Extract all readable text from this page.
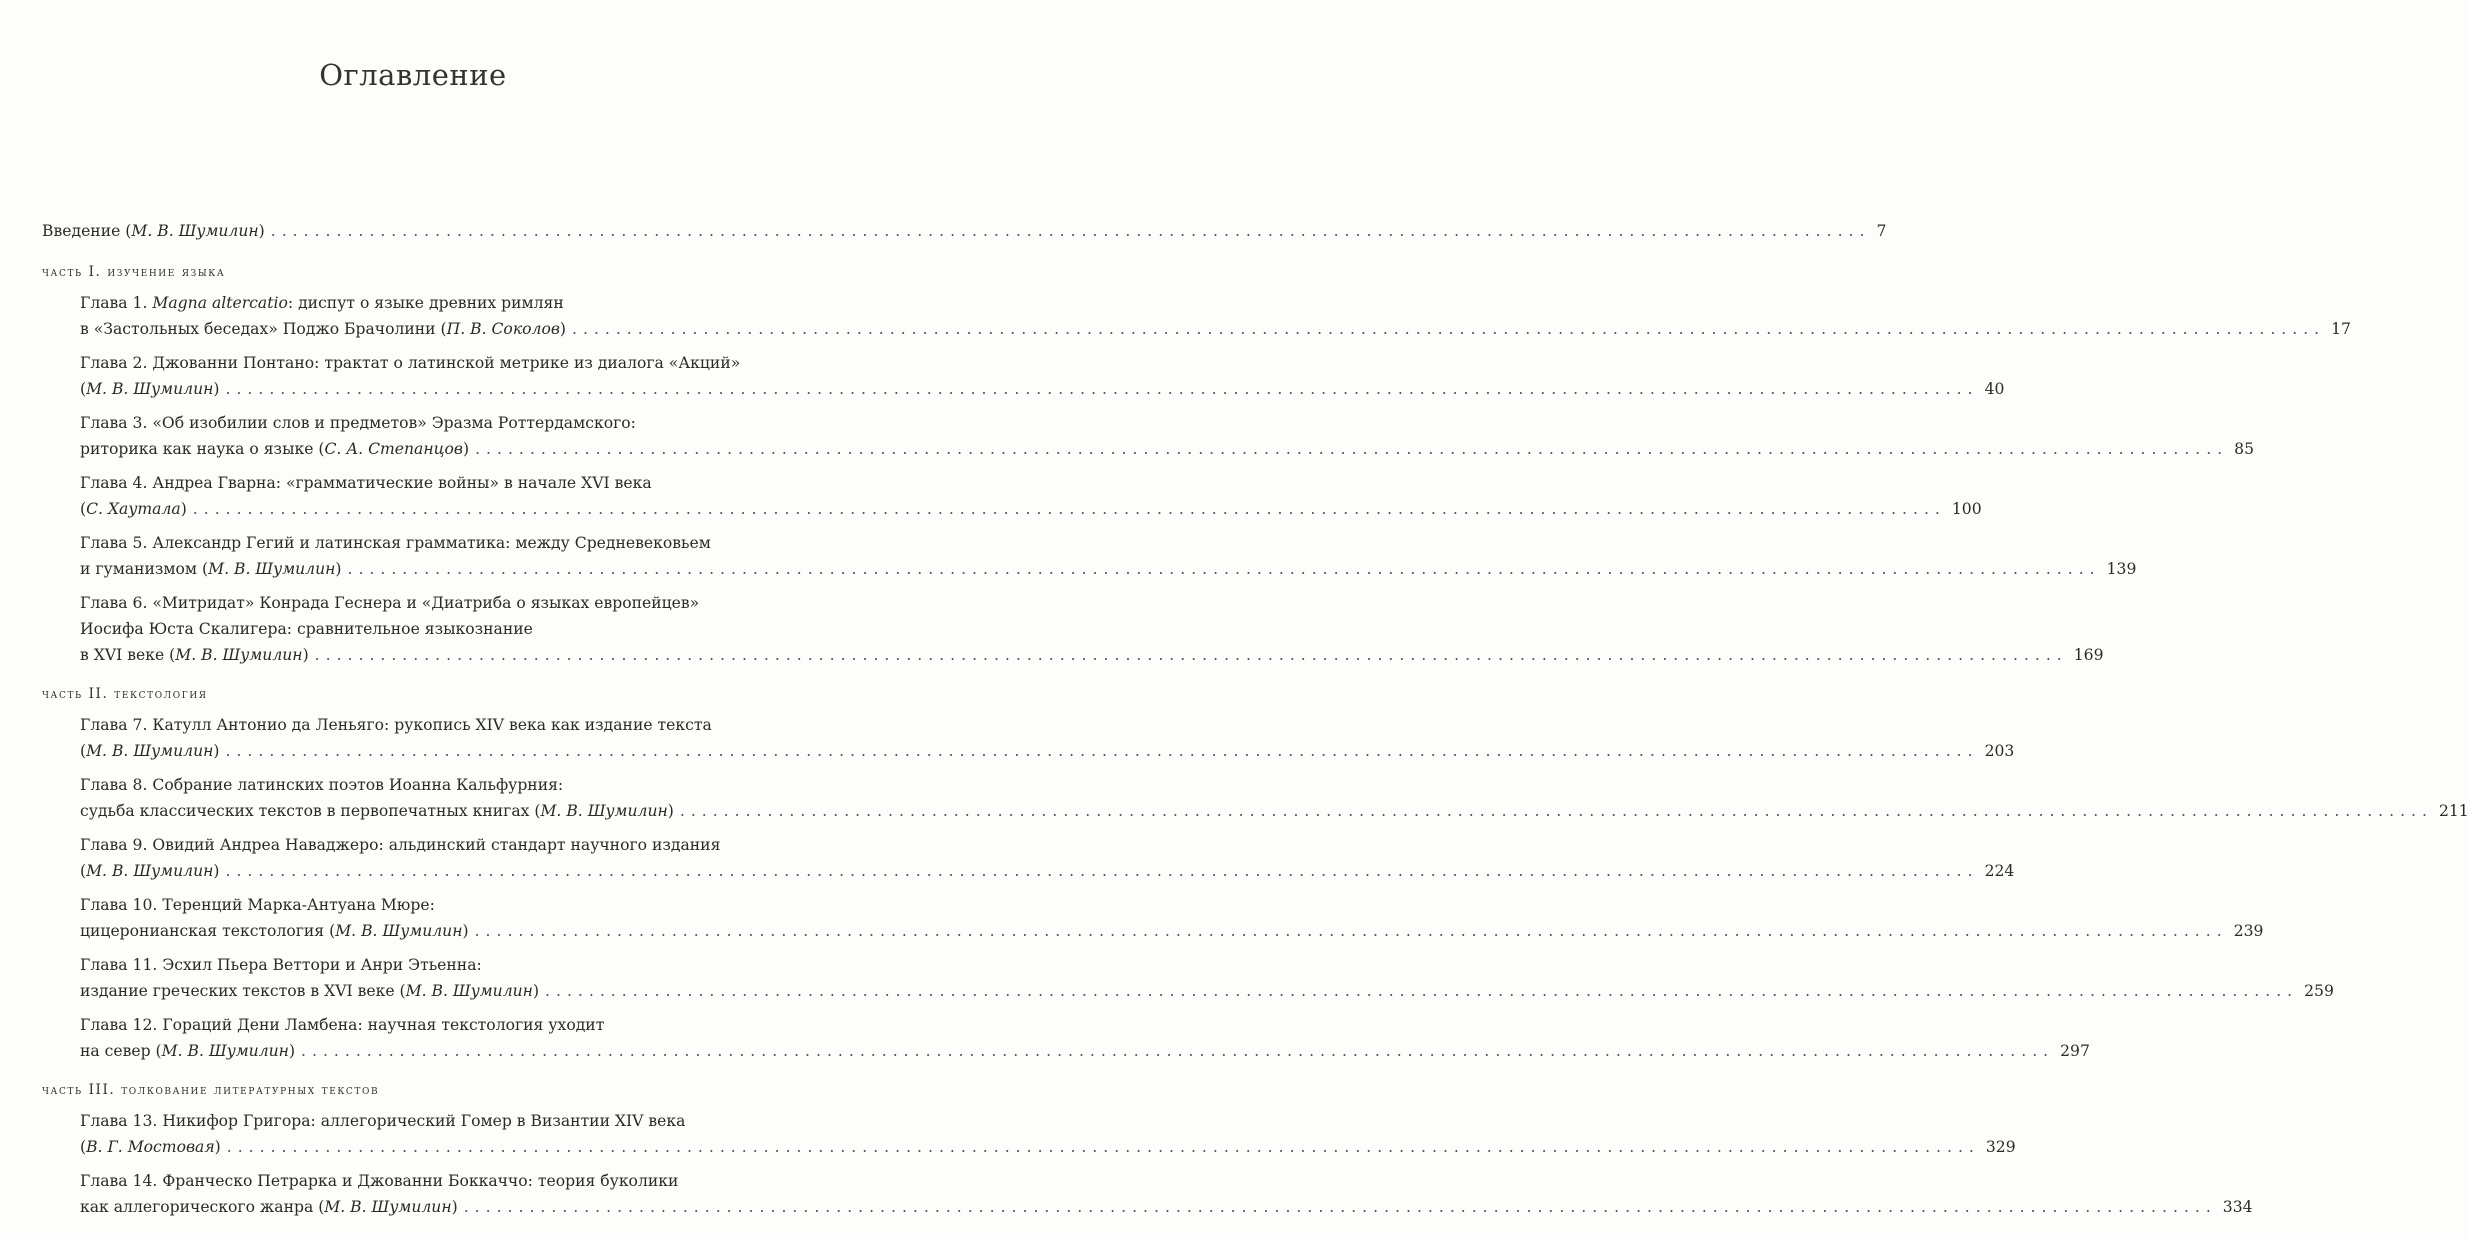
Оглавление
Введение (М. В. Шумилин) .................................................................................................................................................. 7
часть I. изучение языка
Глава 1. Magna altercatio: диспут о языке древних римлян
в «Застольных беседах» Поджо Брачолини (П. В. Соколов) ................................................................................................................................................................ 17
Глава 2. Джованни Понтано: трактат о латинской метрике из диалога «Акций»
(М. В. Шумилин) ................................................................................................................................................................ 40
Глава 3. «Об изобилии слов и предметов» Эразма Роттердамского:
риторика как наука о языке (С. А. Степанцов) ................................................................................................................................................................ 85
Глава 4. Андреа Гварна: «грамматические войны» в начале XVI века
(С. Хаутала) ................................................................................................................................................................ 100
Глава 5. Александр Гегий и латинская грамматика: между Средневековьем
и гуманизмом (М. В. Шумилин) ................................................................................................................................................................ 139
Глава 6. «Митридат» Конрада Геснера и «Диатриба о языках европейцев»
Иосифа Юста Скалигера: сравнительное языкознание
в XVI веке (М. В. Шумилин) ................................................................................................................................................................ 169
часть II. текстология
Глава 7. Катулл Антонио да Леньяго: рукопись XIV века как издание текста
(М. В. Шумилин) ................................................................................................................................................................ 203
Глава 8. Собрание латинских поэтов Иоанна Кальфурния:
судьба классических текстов в первопечатных книгах (М. В. Шумилин) ................................................................................................................................................................ 211
Глава 9. Овидий Андреа Наваджеро: альдинский стандарт научного издания
(М. В. Шумилин) ................................................................................................................................................................ 224
Глава 10. Теренций Марка-Антуана Мюре:
цицеронианская текстология (М. В. Шумилин) ................................................................................................................................................................ 239
Глава 11. Эсхил Пьера Веттори и Анри Этьенна:
издание греческих текстов в XVI веке (М. В. Шумилин) ................................................................................................................................................................ 259
Глава 12. Гораций Дени Ламбена: научная текстология уходит
на север (М. В. Шумилин) ................................................................................................................................................................ 297
часть III. толкование литературных текстов
Глава 13. Никифор Григора: аллегорический Гомер в Византии XIV века
(В. Г. Мостовая) ................................................................................................................................................................ 329
Глава 14. Франческо Петрарка и Джованни Боккаччо: теория буколики
как аллегорического жанра (М. В. Шумилин) ................................................................................................................................................................ 334
